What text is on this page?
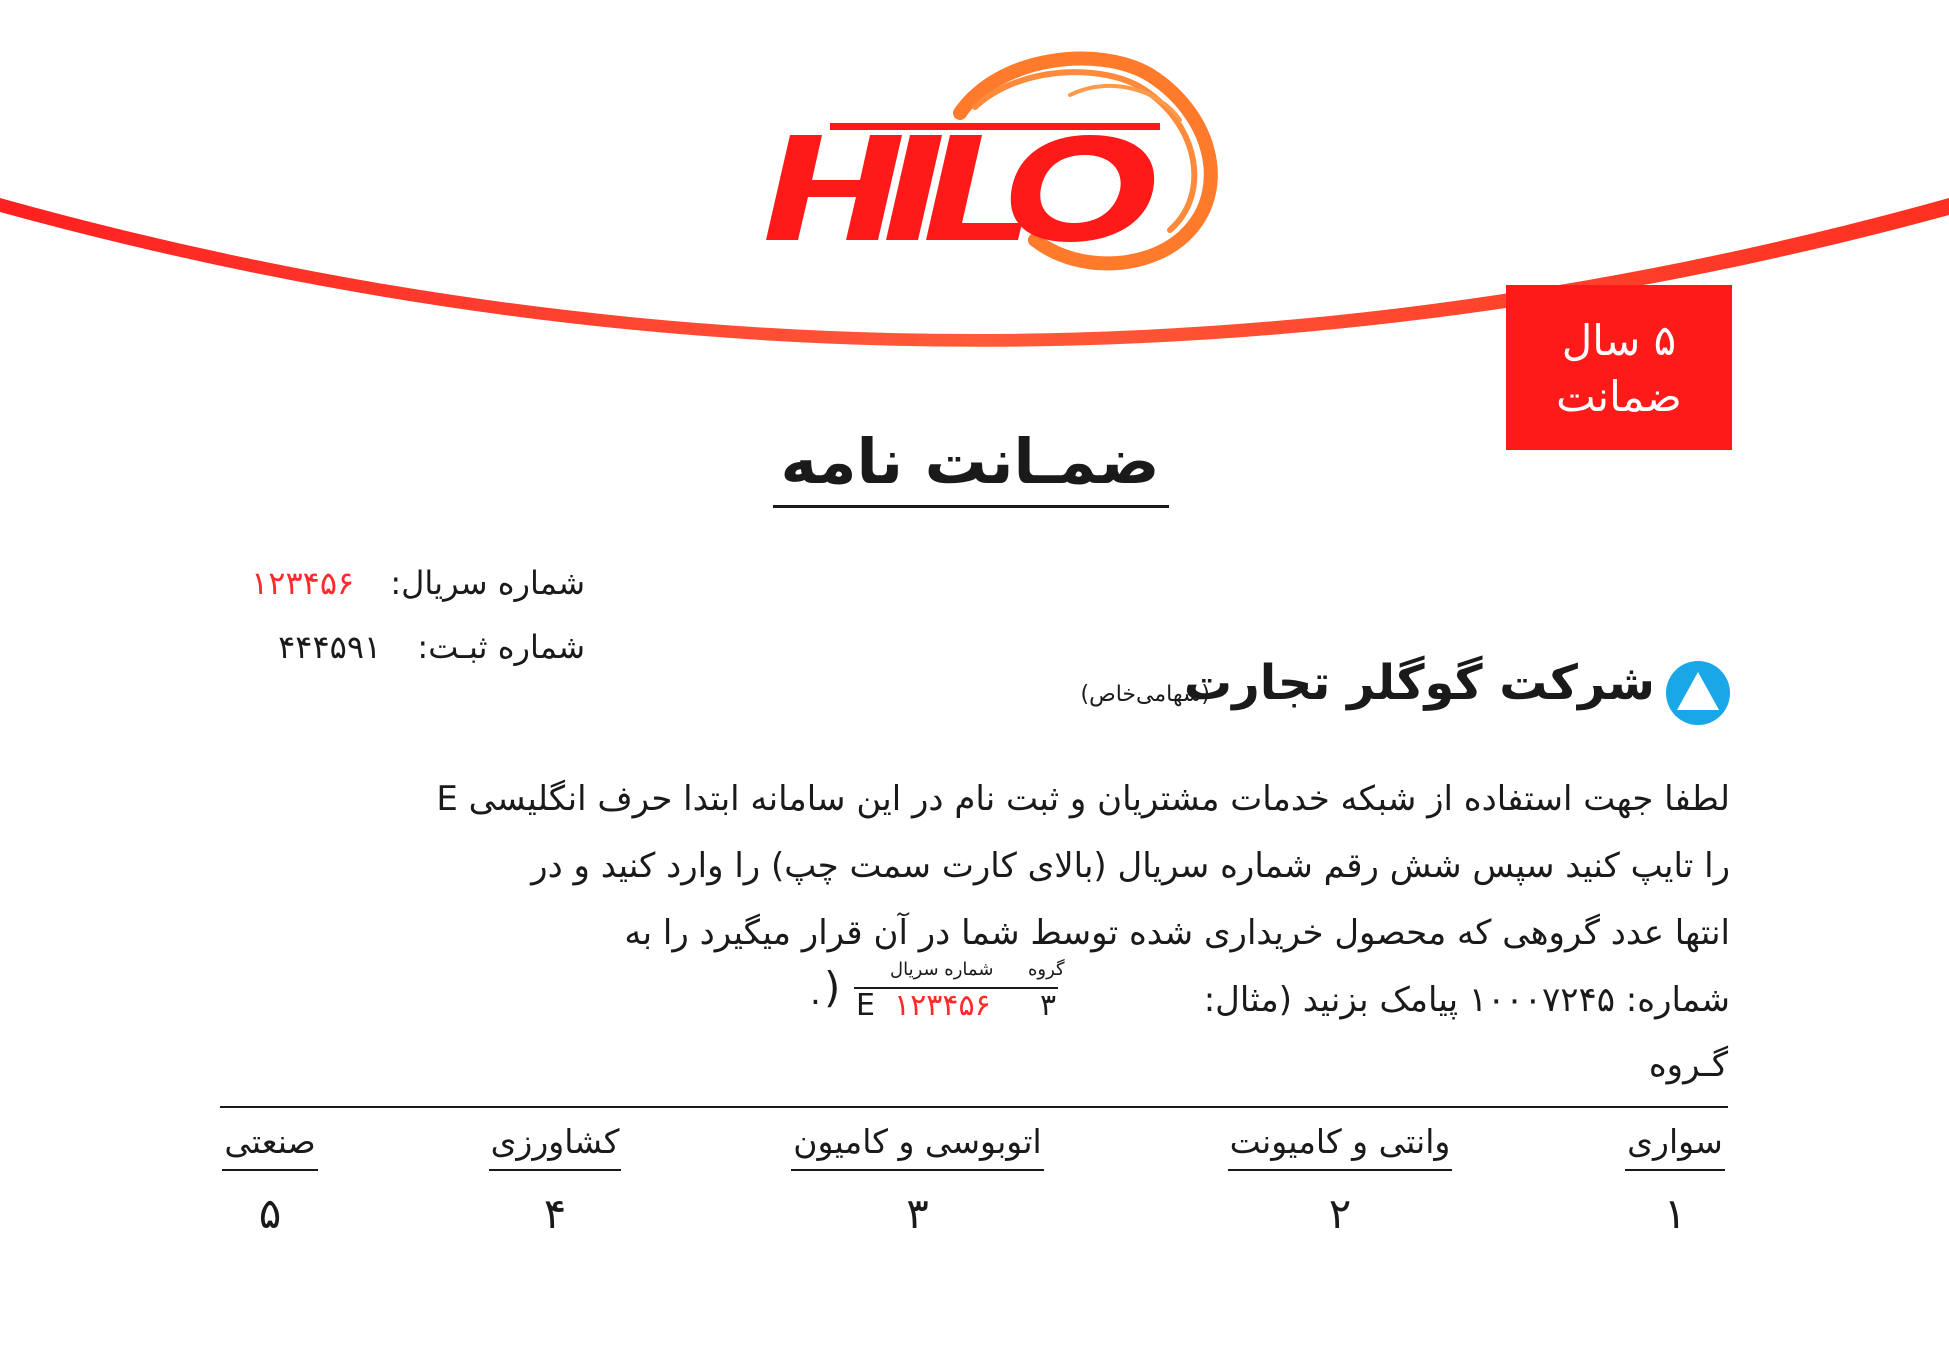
۵ سال
ضمانت
ضمـانت نامه
شماره سریال: ۱۲۳۴۵۶
شماره ثبـت: ۴۴۴۵۹۱
شرکت گوگلر تجارت
(سهامی‌خاص)

لطفا جهت استفاده از شبکه خدمات مشتریان و ثبت نام در این سامانه ابتدا حرف انگلیسی E

را تایپ کنید سپس شش رقم شماره سریال (بالای کارت سمت چپ) را وارد کنید و در

انتها عدد گروهی که محصول خریداری شده توسط شما در آن قرار میگیرد را به

شماره: ۱۰۰۰۷۲۴۵ پیامک بزنید (مثال:

. )	شماره سریال گروه
E ۱۲۳۴۵۶ ۳
گـروه
سواری
۱
وانتی و کامیونت
۲
اتوبوسی و کامیون
۳
کشاورزی
۴
صنعتی
۵
